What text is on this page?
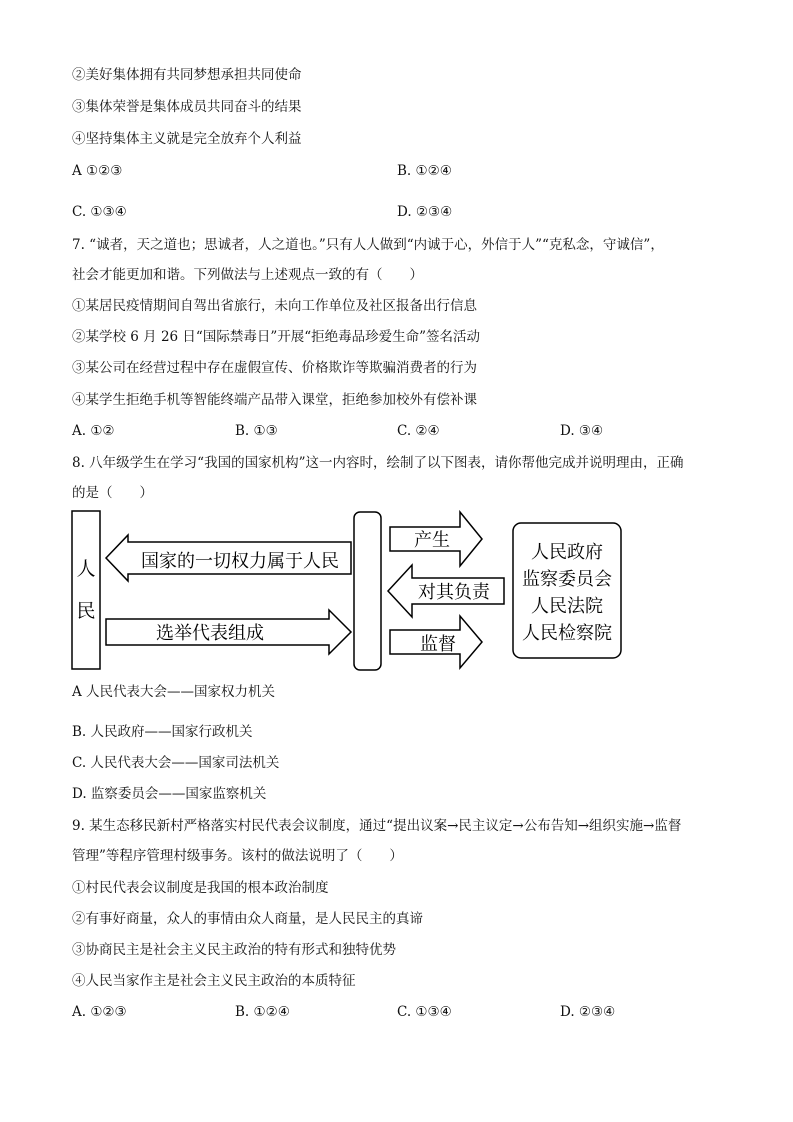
②美好集体拥有共同梦想承担共同使命
③集体荣誉是集体成员共同奋斗的结果
④坚持集体主义就是完全放弃个人利益
A ①②③	B. ①②④
C. ①③④	D. ②③④
7. “诚者，天之道也；思诚者，人之道也。”只有人人做到“内诚于心，外信于人”“克私念，守诚信”，
社会才能更加和谐。下列做法与上述观点一致的有（　　）
①某居民疫情期间自驾出省旅行，未向工作单位及社区报备出行信息
②某学校 6 月 26 日“国际禁毒日”开展“拒绝毒品珍爱生命”签名活动
③某公司在经营过程中存在虚假宣传、价格欺诈等欺骗消费者的行为
④某学生拒绝手机等智能终端产品带入课堂，拒绝参加校外有偿补课
A. ①②	B. ①③	C. ②④	D. ③④
8. 八年级学生在学习“我国的国家机构”这一内容时，绘制了以下图表，请你帮他完成并说明理由，正确
的是（　　）
人
民
国家的一切权力属于人民
选举代表组成
产生
对其负责
监督
人民政府
监察委员会
人民法院
人民检察院
A 人民代表大会——国家权力机关
B. 人民政府——国家行政机关
C. 人民代表大会——国家司法机关
D. 监察委员会——国家监察机关
9. 某生态移民新村严格落实村民代表会议制度，通过“提出议案→民主议定→公布告知→组织实施→监督
管理”等程序管理村级事务。该村的做法说明了（　　）
①村民代表会议制度是我国的根本政治制度
②有事好商量，众人的事情由众人商量，是人民民主的真谛
③协商民主是社会主义民主政治的特有形式和独特优势
④人民当家作主是社会主义民主政治的本质特征
A. ①②③	B. ①②④	C. ①③④	D. ②③④
